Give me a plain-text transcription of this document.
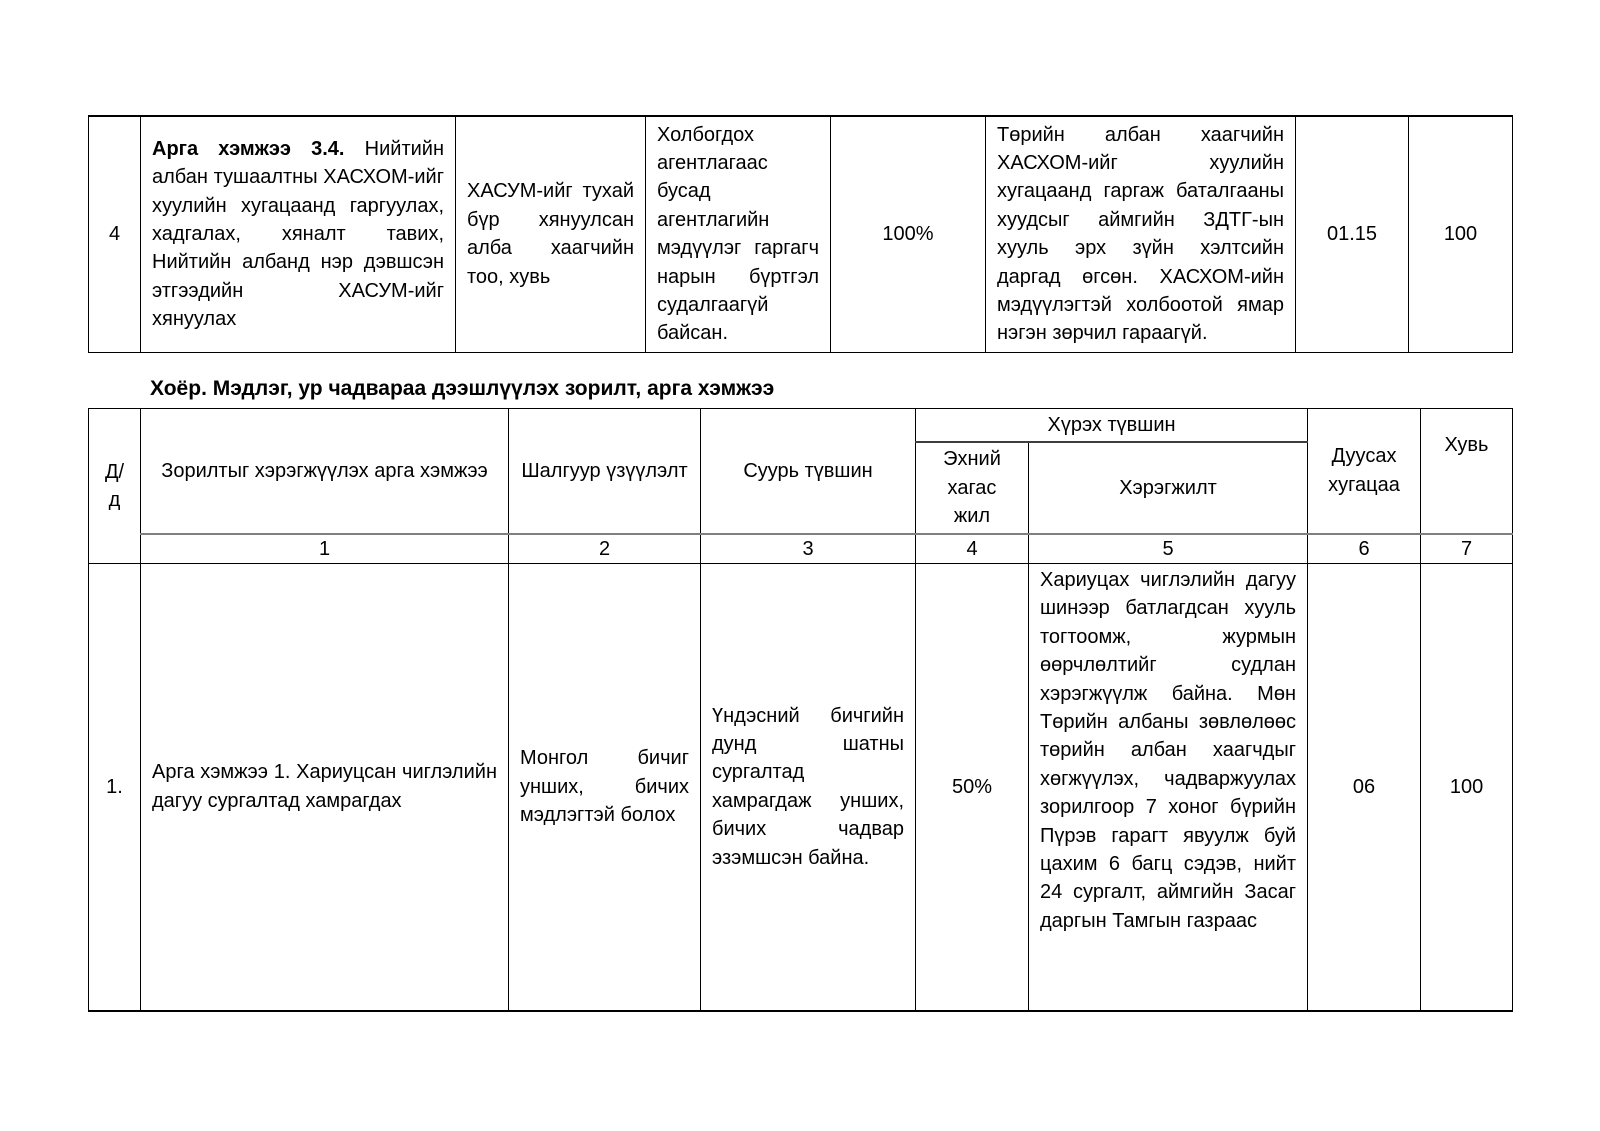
4	Арга хэмжээ 3.4. Нийтийн албан тушаалтны ХАСХОМ-ийг хуулийн хугацаанд гаргуулах, хадгалах, хяналт тавих, Нийтийн албанд нэр дэвшсэн этгээдийн ХАСУМ-ийг хянуулах	ХАСУМ-ийг тухай бүр хянуулсан алба хаагчийн тоо, хувь	Холбогдох агентлагаас бусад агентлагийн мэдүүлэг гаргагч нарын бүртгэл судалгаагүй байсан.	100%	Төрийн албан хаагчийн ХАСХОМ-ийг хуулийн хугацаанд гаргаж баталгааны хуудсыг аймгийн ЗДТГ-ын хууль эрх зүйн хэлтсийн даргад өгсөн. ХАСХОМ-ийн мэдүүлэгтэй холбоотой ямар нэгэн зөрчил гараагүй.	01.15	100
Хоёр. Мэдлэг, ур чадвараа дээшлүүлэх зорилт, арга хэмжээ
Д/д	Зорилтыг хэрэгжүүлэх арга хэмжээ	Шалгуур үзүүлэлт	Суурь түвшин	Хүрэх түвшин		Дуусах хугацаа	Хувь
				Эхний хагас жил	Хэрэгжилт		
	1	2	3	4	5	6	7
1.	Арга хэмжээ 1. Хариуцсан чиглэлийн дагуу сургалтад хамрагдах	Монгол бичиг унших, бичих мэдлэгтэй болох	Үндэсний бичгийн дунд шатны сургалтад хамрагдаж унших, бичих чадвар эзэмшсэн байна.	50%	Хариуцах чиглэлийн дагуу шинээр батлагдсан хууль тогтоомж, журмын өөрчлөлтийг судлан хэрэгжүүлж байна. Мөн Төрийн албаны зөвлөлөөс төрийн албан хаагчдыг хөгжүүлэх, чадваржуулах зорилгоор 7 хоног бүрийн Пүрэв гарагт явуулж буй цахим 6 багц сэдэв, нийт 24 сургалт, аймгийн Засаг даргын Тамгын газраас	06	100
